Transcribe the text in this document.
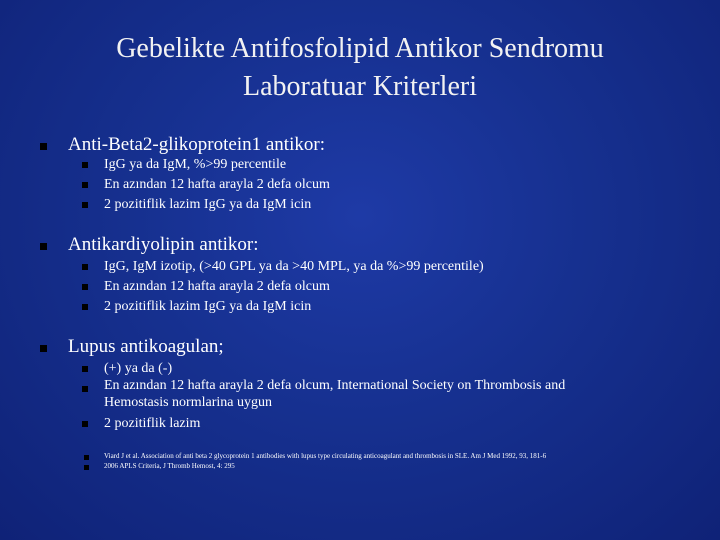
Gebelikte Antifosfolipid Antikor Sendromu
Laboratuar Kriterleri
Anti-Beta2-glikoprotein1 antikor:
IgG ya da IgM, %>99 percentile
En azından 12 hafta arayla 2 defa olcum
2 pozitiflik lazim IgG ya da IgM icin
Antikardiyolipin antikor:
IgG, IgM izotip, (>40 GPL ya da >40 MPL, ya da %>99 percentile)
En azından 12 hafta arayla 2 defa olcum
2 pozitiflik lazim IgG ya da IgM icin
Lupus antikoagulan;
(+) ya da (-)
En azından 12 hafta arayla 2 defa olcum, International Society on Thrombosis and
Hemostasis normlarina uygun
2 pozitiflik lazim
Viard J et al. Association of anti beta 2 glycoprotein 1 antibodies with lupus type circulating anticoagulant and thrombosis in SLE. Am J Med 1992, 93, 181-6
2006 APLS Criteria, J Thromb Hemost, 4: 295
